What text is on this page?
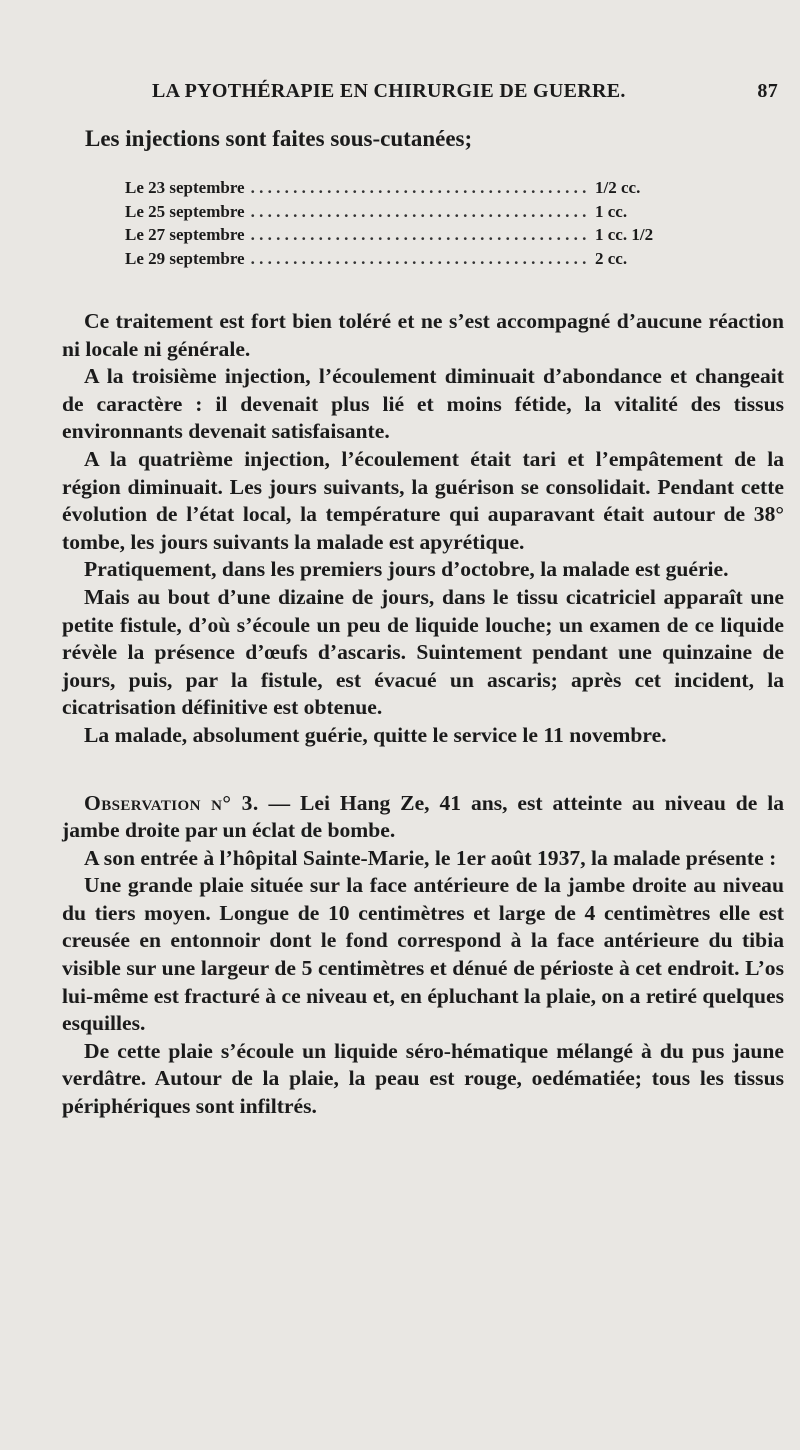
LA PYOTHÉRAPIE EN CHIRURGIE DE GUERRE.	87

Les injections sont faites sous-cutanées;

Le 23 septembre . . .	1/2 cc.
Le 25 septembre . . .	1 cc.
Le 27 septembre . . .	1 cc. 1/2
Le 29 septembre . . .	2 cc.

Ce traitement est fort bien toléré et ne s’est accompagné d’aucune réaction ni locale ni générale.

A la troisième injection, l’écoulement diminuait d’abondance et changeait de caractère : il devenait plus lié et moins fétide, la vitalité des tissus environnants devenait satisfaisante.

A la quatrième injection, l’écoulement était tari et l’empâtement de la région diminuait. Les jours suivants, la guérison se consolidait. Pendant cette évolution de l’état local, la température qui auparavant était autour de 38° tombe, les jours suivants la malade est apyrétique.

Pratiquement, dans les premiers jours d’octobre, la malade est guérie.

Mais au bout d’une dizaine de jours, dans le tissu cicatriciel apparaît une petite fistule, d’où s’écoule un peu de liquide louche; un examen de ce liquide révèle la présence d’œufs d’ascaris. Suintement pendant une quinzaine de jours, puis, par la fistule, est évacué un ascaris; après cet incident, la cicatrisation définitive est obtenue.

La malade, absolument guérie, quitte le service le 11 novembre.

Observation n° 3. — Lei Hang Ze, 41 ans, est atteinte au niveau de la jambe droite par un éclat de bombe.

A son entrée à l’hôpital Sainte-Marie, le 1er août 1937, la malade présente :

Une grande plaie située sur la face antérieure de la jambe droite au niveau du tiers moyen. Longue de 10 centimètres et large de 4 centimètres elle est creusée en entonnoir dont le fond correspond à la face antérieure du tibia visible sur une largeur de 5 centimètres et dénué de périoste à cet endroit. L’os lui-même est fracturé à ce niveau et, en épluchant la plaie, on a retiré quelques esquilles.

De cette plaie s’écoule un liquide séro-hématique mélangé à du pus jaune verdâtre. Autour de la plaie, la peau est rouge, oedématiée; tous les tissus périphériques sont infiltrés.
